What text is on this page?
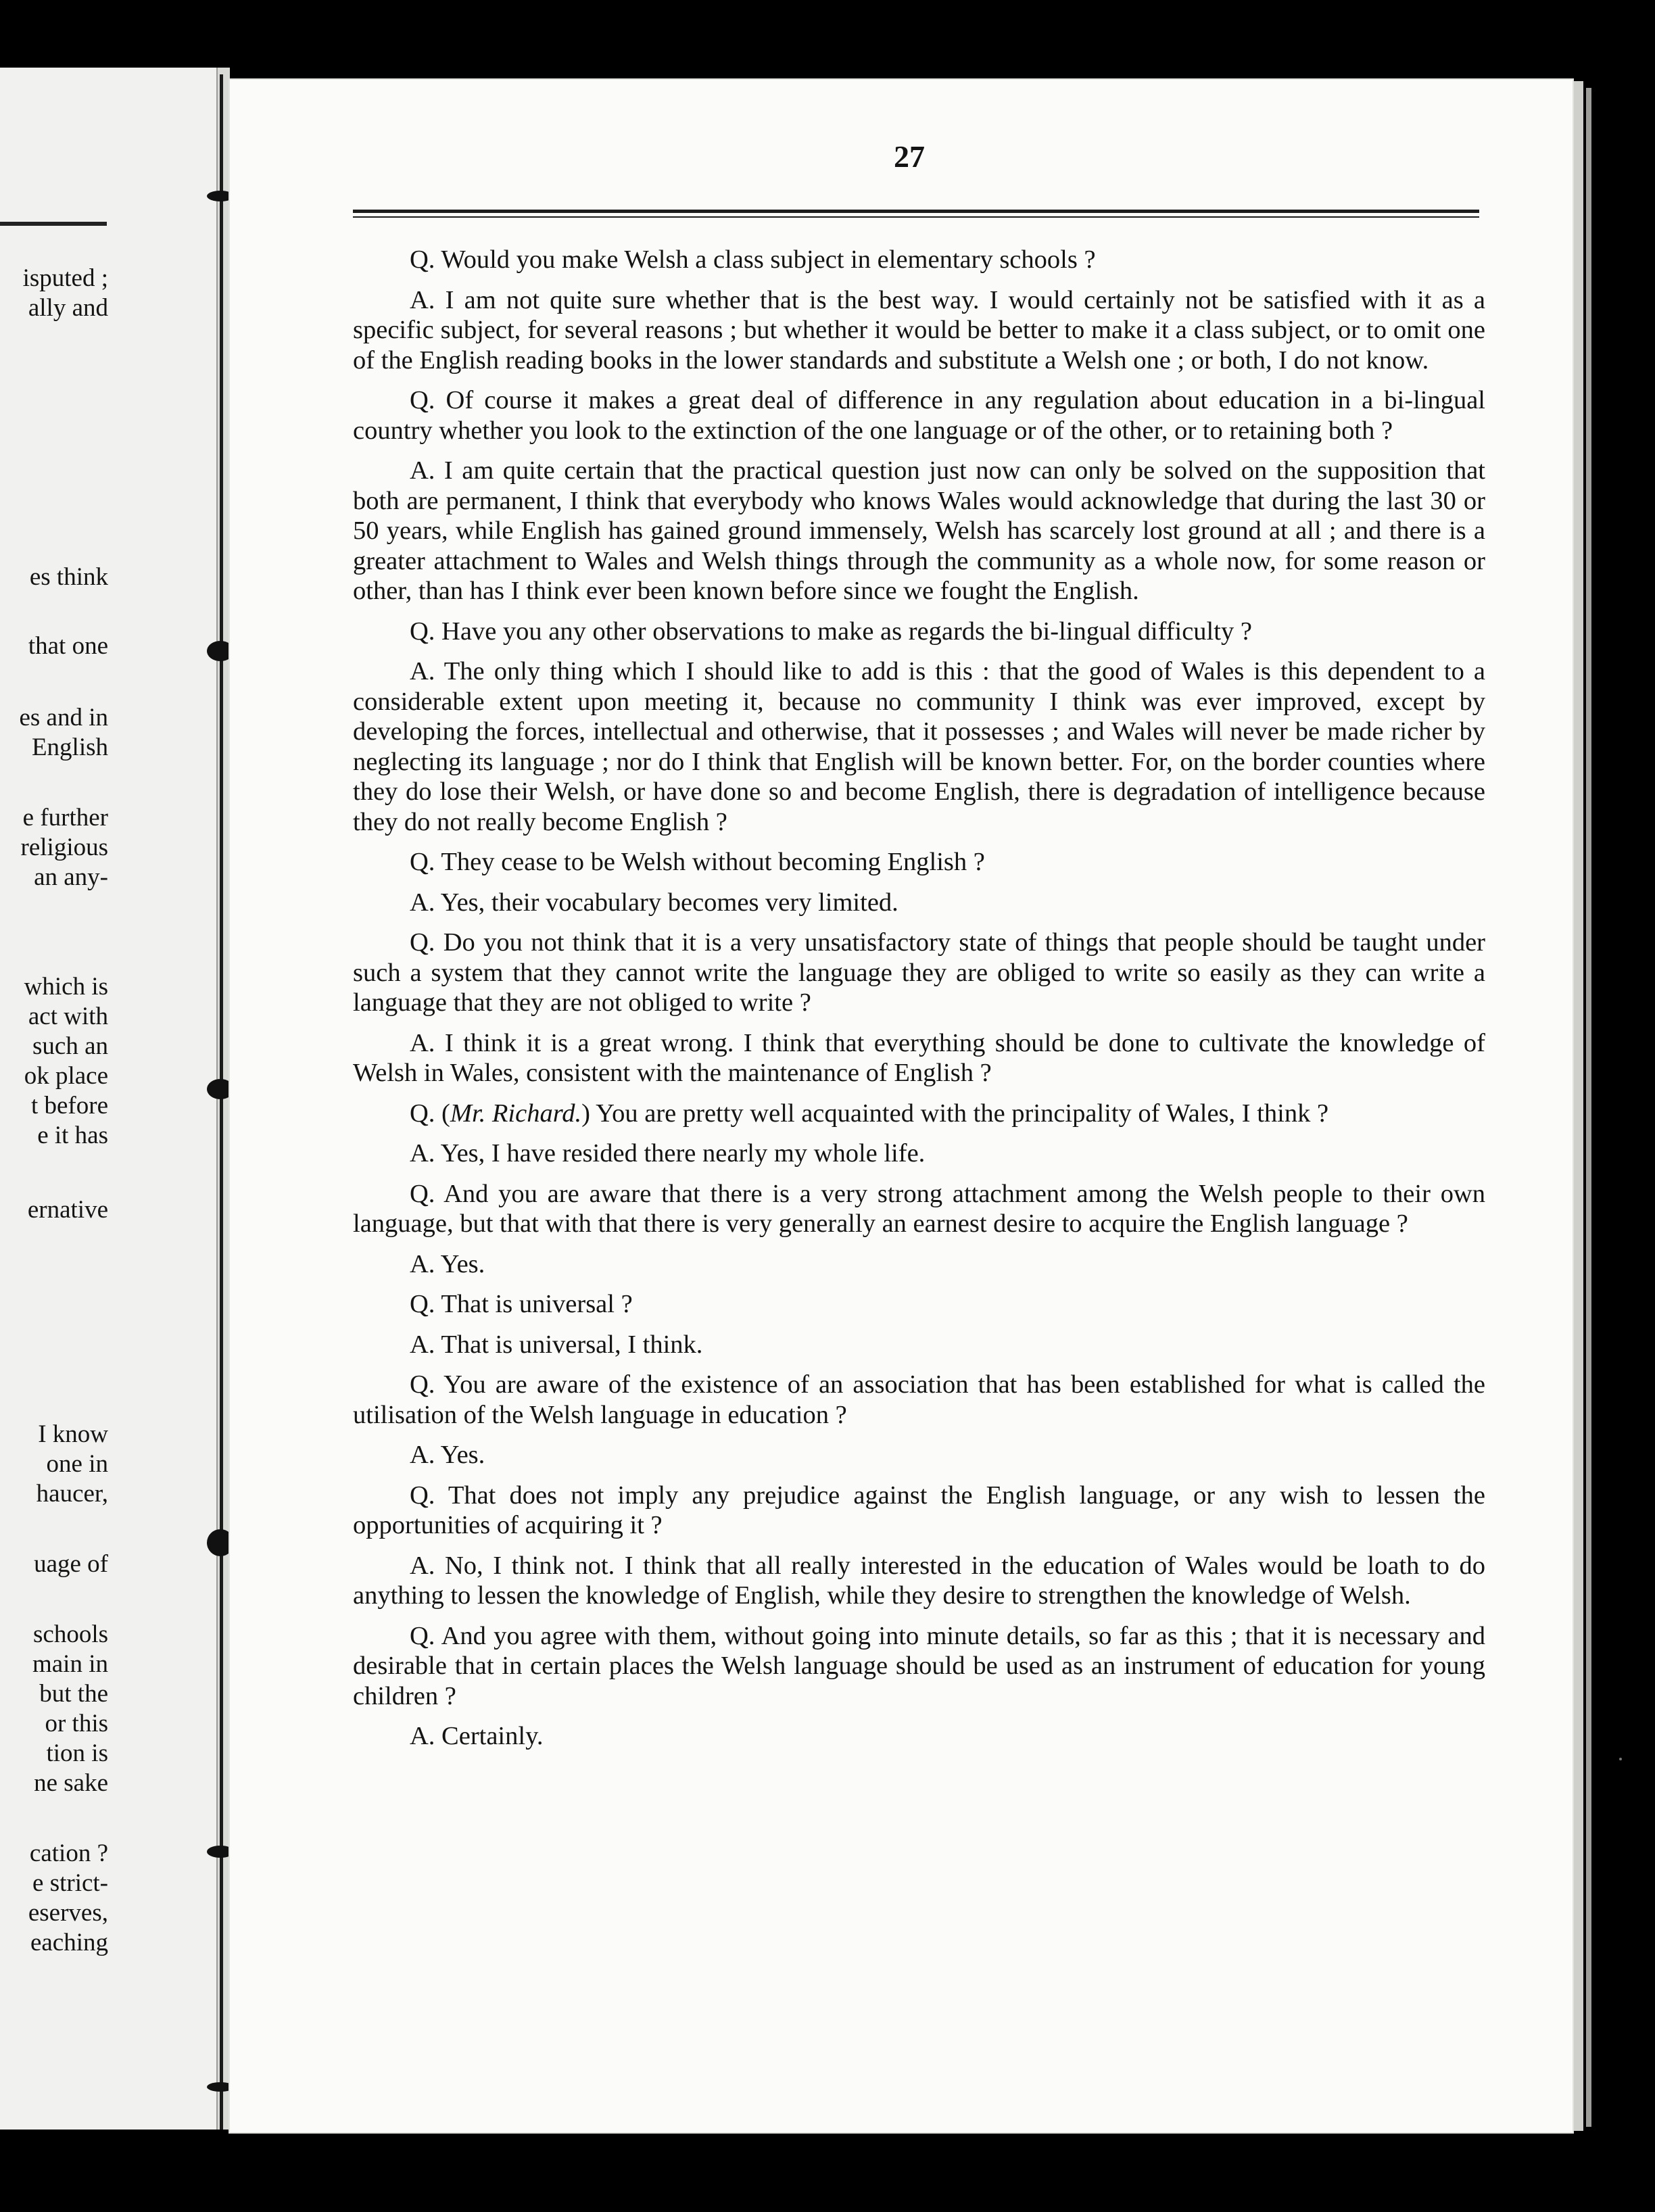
isputed ;
ally and
es think
that one
es and in
English
e further
religious
an any-
which is
act with
such an
ok place
t before
e it has
ernative
I know
one in
haucer,
uage of
schools
main in
but the
or this
tion is
ne sake
cation ?
e strict-
eserves,
eaching
27

Q. Would you make Welsh a class subject in elementary schools ?

A. I am not quite sure whether that is the best way. I would certainly not be satisfied with it as a specific subject, for several reasons ; but whether it would be better to make it a class subject, or to omit one of the English reading books in the lower standards and substitute a Welsh one ; or both, I do not know.

Q. Of course it makes a great deal of difference in any regulation about education in a bi-lingual country whether you look to the extinction of the one language or of the other, or to retaining both ?

A. I am quite certain that the practical question just now can only be solved on the supposition that both are permanent, I think that everybody who knows Wales would acknowledge that during the last 30 or 50 years, while English has gained ground immensely, Welsh has scarcely lost ground at all ; and there is a greater attachment to Wales and Welsh things through the community as a whole now, for some reason or other, than has I think ever been known before since we fought the English.

Q. Have you any other observations to make as regards the bi-lingual difficulty ?

A. The only thing which I should like to add is this : that the good of Wales is this dependent to a considerable extent upon meeting it, because no community I think was ever improved, except by developing the forces, intellectual and otherwise, that it possesses ; and Wales will never be made richer by neglecting its language ; nor do I think that English will be known better. For, on the border counties where they do lose their Welsh, or have done so and become English, there is degradation of intelligence because they do not really become English ?

Q. They cease to be Welsh without becoming English ?

A. Yes, their vocabulary becomes very limited.

Q. Do you not think that it is a very unsatisfactory state of things that people should be taught under such a system that they cannot write the language they are obliged to write so easily as they can write a language that they are not obliged to write ?

A. I think it is a great wrong. I think that everything should be done to cultivate the knowledge of Welsh in Wales, consistent with the maintenance of English ?

Q. (Mr. Richard.) You are pretty well acquainted with the principality of Wales, I think ?

A. Yes, I have resided there nearly my whole life.

Q. And you are aware that there is a very strong attachment among the Welsh people to their own language, but that with that there is very generally an earnest desire to acquire the English language ?

A. Yes.

Q. That is universal ?

A. That is universal, I think.

Q. You are aware of the existence of an association that has been established for what is called the utilisation of the Welsh language in education ?

A. Yes.

Q. That does not imply any prejudice against the English language, or any wish to lessen the opportunities of acquiring it ?

A. No, I think not. I think that all really interested in the education of Wales would be loath to do anything to lessen the knowledge of English, while they desire to strengthen the knowledge of Welsh.

Q. And you agree with them, without going into minute details, so far as this ; that it is necessary and desirable that in certain places the Welsh language should be used as an instrument of education for young children ?

A. Certainly.
